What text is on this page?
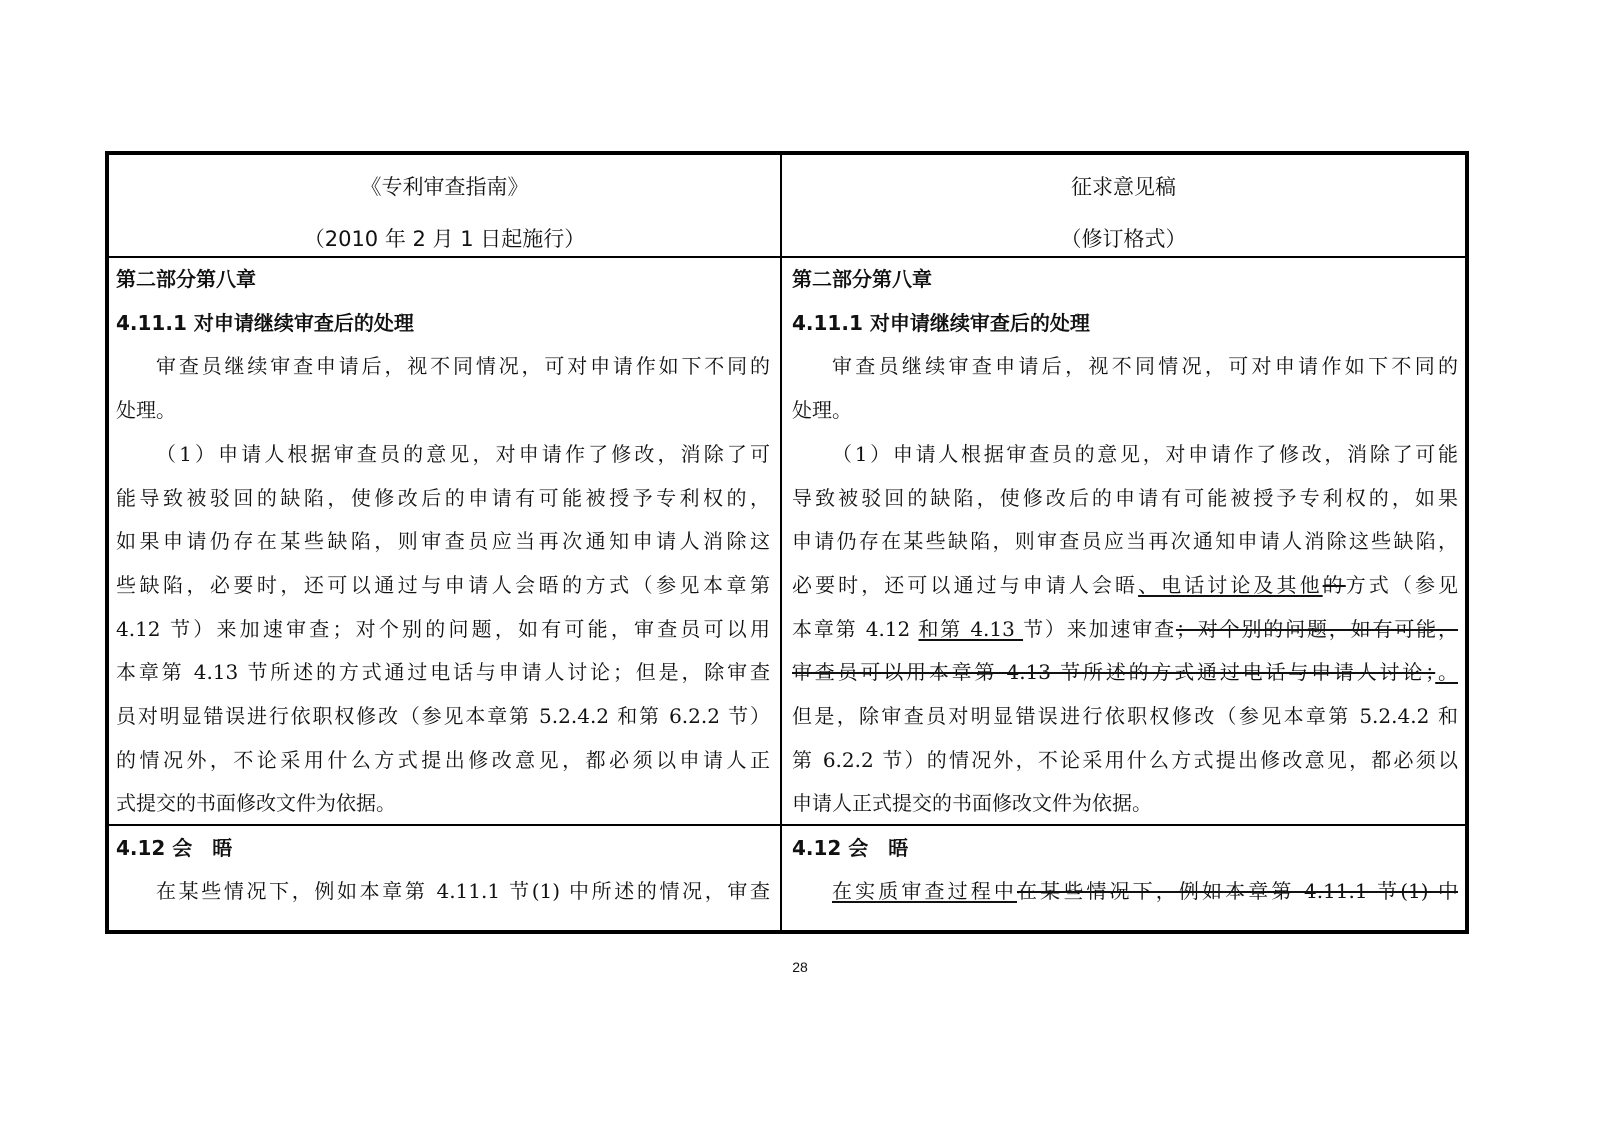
《专利审查指南》
（2010 年 2 月 1 日起施行）
征求意见稿
（修订格式）
第二部分第八章
4.11.1 对申请继续审查后的处理
审查员继续审查申请后，视不同情况，可对申请作如下不同的
处理。
（1）申请人根据审查员的意见，对申请作了修改，消除了可
能导致被驳回的缺陷，使修改后的申请有可能被授予专利权的，
如果申请仍存在某些缺陷，则审查员应当再次通知申请人消除这
些缺陷，必要时，还可以通过与申请人会晤的方式（参见本章第
4.12 节）来加速审查；对个别的问题，如有可能，审查员可以用
本章第 4.13 节所述的方式通过电话与申请人讨论；但是，除审查
员对明显错误进行依职权修改（参见本章第 5.2.4.2 和第 6.2.2 节）
的情况外，不论采用什么方式提出修改意见，都必须以申请人正
式提交的书面修改文件为依据。
4.12 会　晤
在某些情况下，例如本章第 4.11.1 节(1) 中所述的情况，审查
第二部分第八章
4.11.1 对申请继续审查后的处理
审查员继续审查申请后，视不同情况，可对申请作如下不同的
处理。
（1）申请人根据审查员的意见，对申请作了修改，消除了可能
导致被驳回的缺陷，使修改后的申请有可能被授予专利权的，如果
申请仍存在某些缺陷，则审查员应当再次通知申请人消除这些缺陷，
必要时，还可以通过与申请人会晤、电话讨论及其他的方式（参见
本章第 4.12 和第 4.13 节）来加速审查；对个别的问题，如有可能，
审查员可以用本章第 4.13 节所述的方式通过电话与申请人讨论；。
但是，除审查员对明显错误进行依职权修改（参见本章第 5.2.4.2 和
第 6.2.2 节）的情况外，不论采用什么方式提出修改意见，都必须以
申请人正式提交的书面修改文件为依据。
4.12 会　晤
在实质审查过程中在某些情况下，例如本章第 4.11.1 节(1) 中
28
